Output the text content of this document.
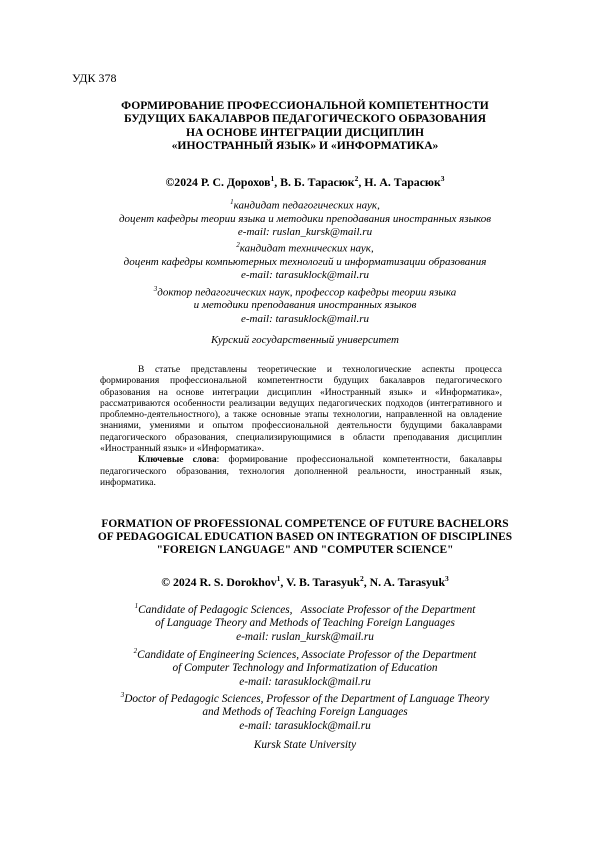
УДК 378
ФОРМИРОВАНИЕ ПРОФЕССИОНАЛЬНОЙ КОМПЕТЕНТНОСТИ
БУДУЩИХ БАКАЛАВРОВ ПЕДАГОГИЧЕСКОГО ОБРАЗОВАНИЯ
НА ОСНОВЕ ИНТЕГРАЦИИ ДИСЦИПЛИН
«ИНОСТРАННЫЙ ЯЗЫК» И «ИНФОРМАТИКА»
©2024 Р. С. Дорохов$^1$, В. Б. Тарасюк$^2$, Н. А. Тарасюк$^3$
$^1$кандидат педагогических наук,
доцент кафедры теории языка и методики преподавания иностранных языков
e-mail: ruslan_kursk@mail.ru
$^2$кандидат технических наук,
доцент кафедры компьютерных технологий и информатизации образования
e-mail: tarasuklock@mail.ru
$^3$доктор педагогических наук, профессор кафедры теории языка
и методики преподавания иностранных языков
e-mail: tarasuklock@mail.ru
Курский государственный университет

В статье представлены теоретические и технологические аспекты процесса формирования профессиональной компетентности будущих бакалавров педагогического образования на основе интеграции дисциплин «Иностранный язык» и «Информатика», рассматриваются особенности реализации ведущих педагогических подходов (интегративного и проблемно-деятельностного), а также основные этапы технологии, направленной на овладение знаниями, умениями и опытом профессиональной деятельности будущими бакалаврами педагогического образования, специализирующимися в области преподавания дисциплин «Иностранный язык» и «Информатика».

Ключевые слова: формирование профессиональной компетентности, бакалавры педагогического образования, технология дополненной реальности, иностранный язык, информатика.

FORMATION OF PROFESSIONAL COMPETENCE OF FUTURE BACHELORS
OF PEDAGOGICAL EDUCATION BASED ON INTEGRATION OF DISCIPLINES
"FOREIGN LANGUAGE" AND "COMPUTER SCIENCE"
© 2024 R. S. Dorokhov$^1$, V. B. Tarasyuk$^2$, N. A. Tarasyuk$^3$
$^1$Candidate of Pedagogic Sciences,   Associate Professor of the Department
of Language Theory and Methods of Teaching Foreign Languages
e-mail: ruslan_kursk@mail.ru
$^2$Candidate of Engineering Sciences, Associate Professor of the Department
of Computer Technology and Informatization of Education
e-mail: tarasuklock@mail.ru
$^3$Doctor of Pedagogic Sciences, Professor of the Department of Language Theory
and Methods of Teaching Foreign Languages
e-mail: tarasuklock@mail.ru
Kursk State University
